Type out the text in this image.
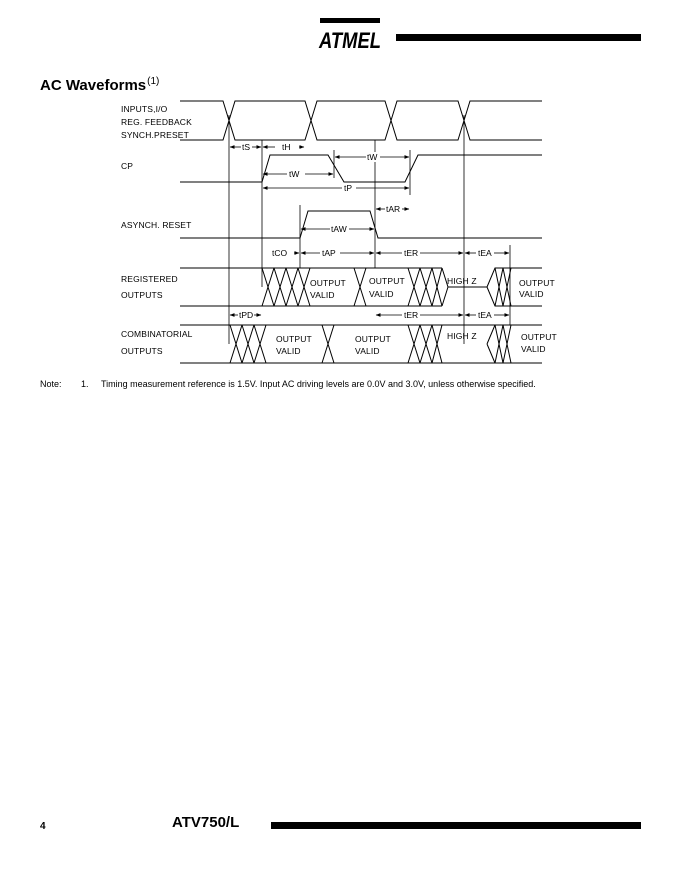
ATMEL
AC Waveforms$^{(1)}$
INPUTS,I/O
REG. FEEDBACK
SYNCH.PRESET
CP
ASYNCH. RESET
REGISTERED
OUTPUTS
COMBINATORIAL
OUTPUTS
tS	tH
tW
tW
tP
tAR
tAW
tCO	tAP	tER	tEA
tPD	tER	tEA
OUTPUT
VALID
OUTPUT
VALID
HIGH Z	OUTPUT
VALID
OUTPUT
VALID
OUTPUT
VALID
HIGH Z	OUTPUT
VALID
Note: 1. Timing measurement reference is 1.5V. Input AC driving levels are 0.0V and 3.0V, unless otherwise specified.
4	ATV750/L
